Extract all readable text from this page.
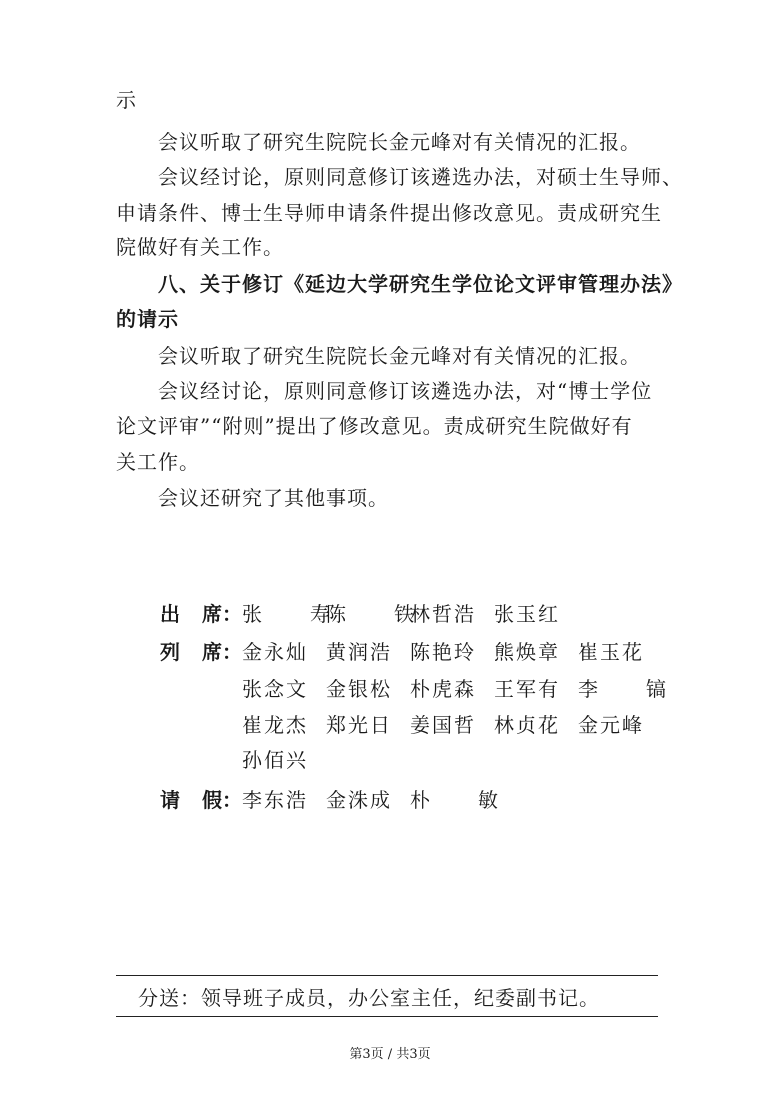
示
会议听取了研究生院院长金元峰对有关情况的汇报。
会议经讨论，原则同意修订该遴选办法，对硕士生导师、
申请条件、博士生导师申请条件提出修改意见。责成研究生
院做好有关工作。
八、关于修订《延边大学研究生学位论文评审管理办法》
的请示
会议听取了研究生院院长金元峰对有关情况的汇报。
会议经讨论，原则同意修订该遴选办法，对“博士学位
论文评审”“附则”提出了修改意见。责成研究生院做好有
关工作。
会议还研究了其他事项。
出 席： 张　寿陈　铁林哲浩 张玉红
列 席： 金永灿 黄润浩 陈艳玲 熊焕章 崔玉花
张念文 金银松 朴虎森 王军有 李　镐
崔龙杰 郑光日 姜国哲 林贞花 金元峰
孙佰兴
请 假： 李东浩 金洙成 朴　敏
分送：领导班子成员，办公室主任，纪委副书记。
第3页 / 共3页
